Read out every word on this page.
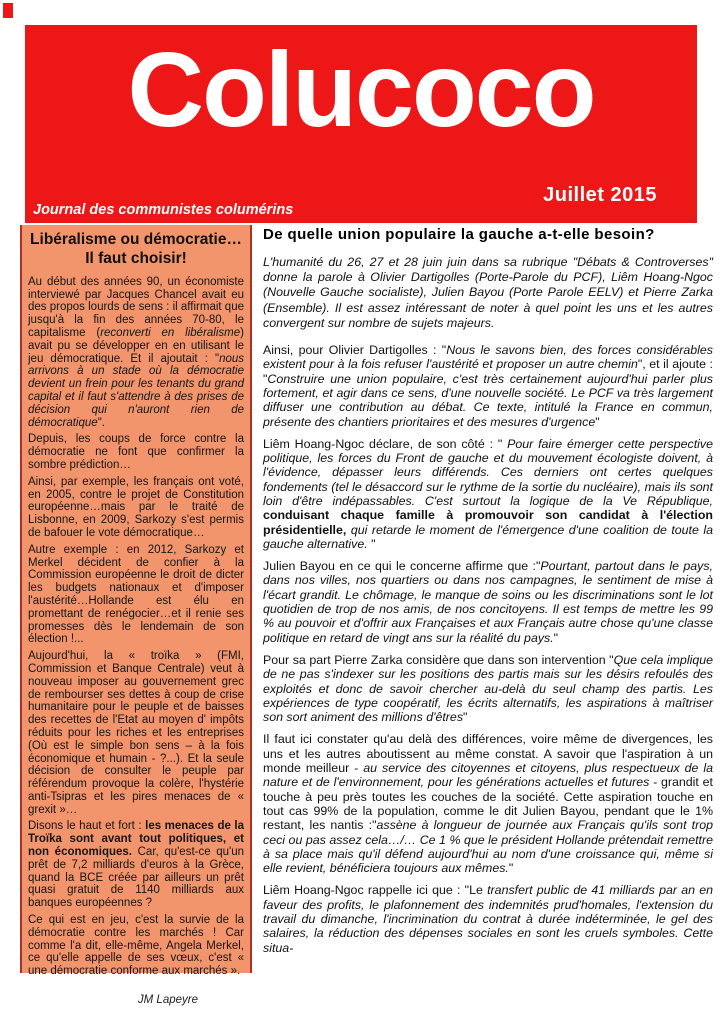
Colucoco
Journal des communistes columérins
Juillet 2015
Libéralisme ou démocratie…
Il faut choisir!

Au début des années 90, un économiste interviewé par Jacques Chancel avait eu des propos lourds de sens : il affirmait que jusqu'à la fin des années 70-80, le capitalisme (reconverti en libéralisme) avait pu se développer en en utilisant le jeu démocratique. Et il ajoutait : "nous arrivons à un stade où la démocratie devient un frein pour les tenants du grand capital et il faut s'attendre à des prises de décision qui n'auront rien de démocratique".

Depuis, les coups de force contre la démocratie ne font que confirmer la sombre prédiction…

Ainsi, par exemple, les français ont voté, en 2005, contre le projet de Constitution européenne…mais par le traité de Lisbonne, en 2009, Sarkozy s'est permis de bafouer le vote démocratique…

Autre exemple : en 2012, Sarkozy et Merkel décident de confier à la Commission européenne le droit de dicter les budgets nationaux et d'imposer l'austérité…Hollande est élu en promettant de renégocier…et il renie ses promesses dès le lendemain de son élection !...

Aujourd'hui, la « troïka » (FMI, Commission et Banque Centrale) veut à nouveau imposer au gouvernement grec de rembourser ses dettes à coup de crise humanitaire pour le peuple et de baisses des recettes de l'Etat au moyen d' impôts réduits pour les riches et les entreprises (Où est le simple bon sens – à la fois économique et humain - ?...). Et la seule décision de consulter le peuple par référendum provoque la colère, l'hystérie anti-Tsipras et les pires menaces de « grexit »…

Disons le haut et fort : les menaces de la Troïka sont avant tout politiques, et non économiques. Car, qu'est-ce qu'un prêt de 7,2 milliards d'euros à la Grèce, quand la BCE créée par ailleurs un prêt quasi gratuit de 1140 milliards aux banques européennes ?

Ce qui est en jeu, c'est la survie de la démocratie contre les marchés ! Car comme l'a dit, elle-même, Angela Merkel, ce qu'elle appelle de ses vœux, c'est « une démocratie conforme aux marchés ».

JM Lapeyre
De quelle union populaire la gauche a-t-elle besoin?

L'humanité du 26, 27 et 28 juin juin dans sa rubrique "Débats & Controverses" donne la parole à Olivier Dartigolles (Porte-Parole du PCF), Liêm Hoang-Ngoc (Nouvelle Gauche socialiste), Julien Bayou (Porte Parole EELV) et Pierre Zarka (Ensemble). Il est assez intéressant de noter à quel point les uns et les autres convergent sur nombre de sujets majeurs.

Ainsi, pour Olivier Dartigolles : "Nous le savons bien, des forces considérables existent pour à la fois refuser l'austérité et proposer un autre chemin", et il ajoute : "Construire une union populaire, c'est très certainement aujourd'hui parler plus fortement, et agir dans ce sens, d'une nouvelle société. Le PCF va très largement diffuser une contribution au débat. Ce texte, intitulé la France en commun, présente des chantiers prioritaires et des mesures d'urgence"

Liêm Hoang-Ngoc déclare, de son côté : " Pour faire émerger cette perspective politique, les forces du Front de gauche et du mouvement écologiste doivent, à l'évidence, dépasser leurs différends. Ces derniers ont certes quelques fondements (tel le désaccord sur le rythme de la sortie du nucléaire), mais ils sont loin d'être indépassables. C'est surtout la logique de la Ve République, conduisant chaque famille à promouvoir son candidat à l'élection présidentielle, qui retarde le moment de l'émergence d'une coalition de toute la gauche alternative. "

Julien Bayou en ce qui le concerne affirme que :"Pourtant, partout dans le pays, dans nos villes, nos quartiers ou dans nos campagnes, le sentiment de mise à l'écart grandit. Le chômage, le manque de soins ou les discriminations sont le lot quotidien de trop de nos amis, de nos concitoyens. Il est temps de mettre les 99 % au pouvoir et d'offrir aux Françaises et aux Français autre chose qu'une classe politique en retard de vingt ans sur la réalité du pays."

Pour sa part Pierre Zarka considère que dans son intervention "Que cela implique de ne pas s'indexer sur les positions des partis mais sur les désirs refoulés des exploités et donc de savoir chercher au-delà du seul champ des partis. Les expériences de type coopératif, les écrits alternatifs, les aspirations à maîtriser son sort animent des millions d'êtres"

Il faut ici constater qu'au delà des différences, voire même de divergences, les uns et les autres aboutissent au même constat. A savoir que l'aspiration à un monde meilleur - au service des citoyennes et citoyens, plus respectueux de la nature et de l'environnement, pour les générations actuelles et futures - grandit et touche à peu près toutes les couches de la société. Cette aspiration touche en tout cas 99% de la population, comme le dit Julien Bayou, pendant que le 1% restant, les nantis :"assène à longueur de journée aux Français qu'ils sont trop ceci ou pas assez cela…/… Ce 1 % que le président Hollande prétendait remettre à sa place mais qu'il défend aujourd'hui au nom d'une croissance qui, même si elle revient, bénéficiera toujours aux mêmes."

Liêm Hoang-Ngoc rappelle ici que : "Le transfert public de 41 milliards par an en faveur des profits, le plafonnement des indemnités prud'homales, l'extension du travail du dimanche, l'incrimination du contrat à durée indéterminée, le gel des salaires, la réduction des dépenses sociales en sont les cruels symboles. Cette situa-
